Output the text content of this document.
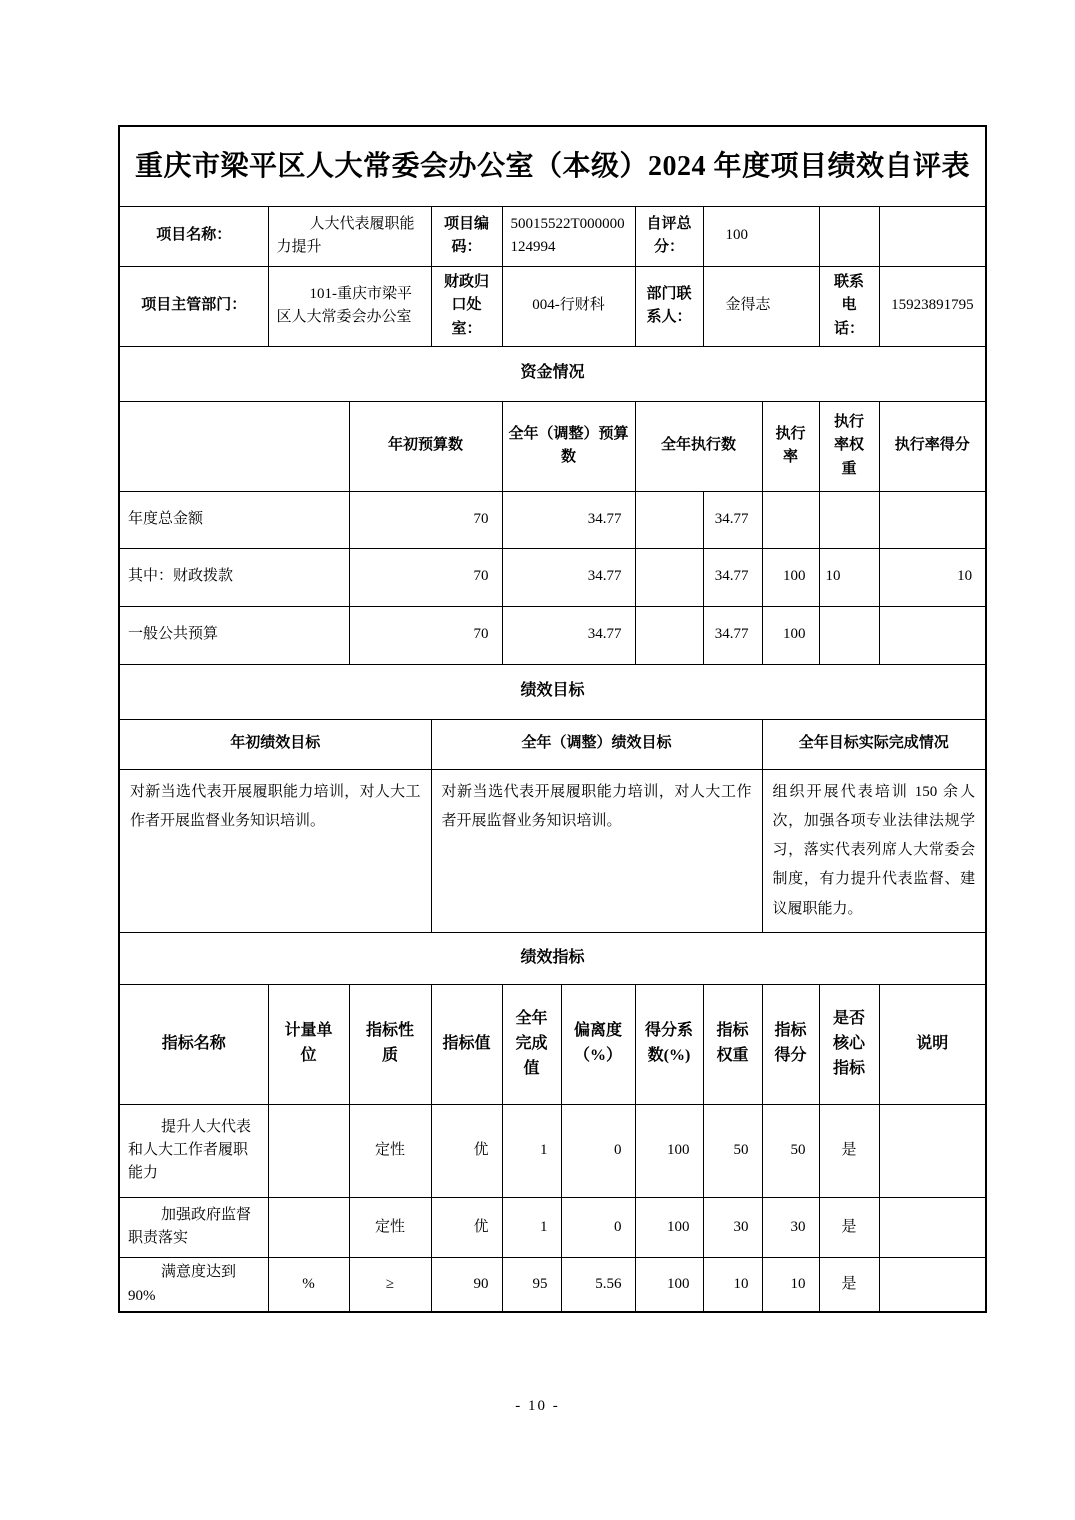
重庆市梁平区人大常委会办公室（本级）2024 年度项目绩效自评表										
项目名称：	人大代表履职能力提升		项目编码：	50015522T000000124994		自评总分：	100			
项目主管部门：	101-重庆市梁平区人大常委会办公室		财政归口处室：	004-行财科		部门联系人：	金得志		联系电话：	15923891795
资金情况										
		年初预算数		全年（调整）预算数		全年执行数		执行率	执行率权重	执行率得分
年度总金额		70		34.77			34.77			
其中：财政拨款		70		34.77			34.77	100	10	10
一般公共预算		70		34.77			34.77	100		
绩效目标										
年初绩效目标			全年（调整）绩效目标					全年目标实际完成情况		
对新当选代表开展履职能力培训，对人大工作者开展监督业务知识培训。			对新当选代表开展履职能力培训，对人大工作者开展监督业务知识培训。					组织开展代表培训 150 余人次，加强各项专业法律法规学习，落实代表列席人大常委会制度，有力提升代表监督、建议履职能力。		
绩效指标										
指标名称	计量单位	指标性质	指标值	全年完成值	偏离度（%）	得分系数(%)	指标权重	指标得分	是否核心指标	说明
提升人大代表和人大工作者履职能力		定性	优	1	0	100	50	50	是	
加强政府监督职责落实		定性	优	1	0	100	30	30	是	
满意度达到90%	%	≥	90	95	5.56	100	10	10	是	
- 10 -
